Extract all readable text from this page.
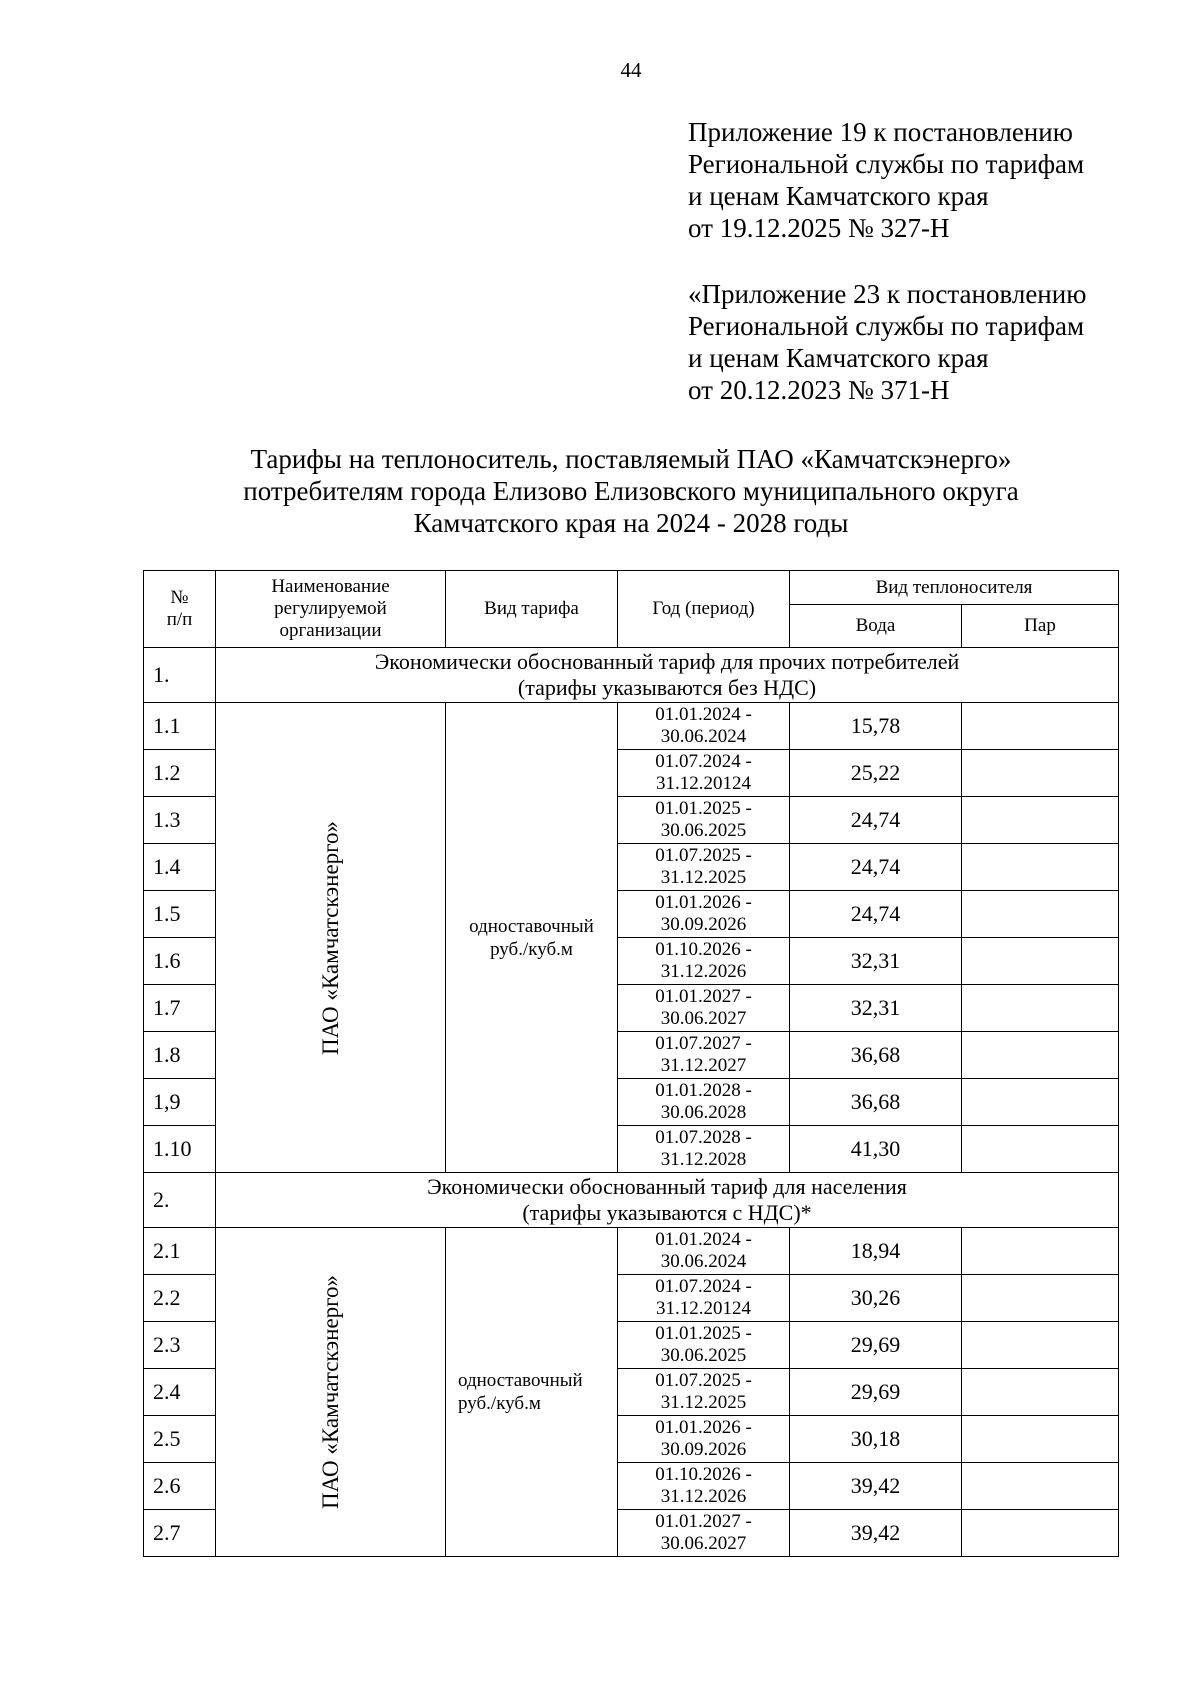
44
Приложение 19 к постановлению
Региональной службы по тарифам
и ценам Камчатского края
от 19.12.2025 № 327-Н
«Приложение 23 к постановлению
Региональной службы по тарифам
и ценам Камчатского края
от 20.12.2023 № 371-Н
Тарифы на теплоноситель, поставляемый ПАО «Камчатскэнерго»
потребителям города Елизово Елизовского муниципального округа
Камчатского края на 2024 - 2028 годы
№
п/п	Наименование
регулируемой
организации	Вид тарифа	Год (период)	Вид теплоносителя	
				Вода	Пар
1.	Экономически обоснованный тариф для прочих потребителей
(тарифы указываются без НДС)				

1.1	ПАО «Камчатскэнерго»	одноставочный
руб./куб.м	01.01.2024 -
30.06.2024	15,78	
1.2			01.07.2024 -
31.12.20124	25,22	
1.3			01.01.2025 -
30.06.2025	24,74	
1.4			01.07.2025 -
31.12.2025	24,74	
1.5			01.01.2026 -
30.09.2026	24,74	
1.6			01.10.2026 -
31.12.2026	32,31	
1.7			01.01.2027 -
30.06.2027	32,31	
1.8			01.07.2027 -
31.12.2027	36,68	
1,9			01.01.2028 -
30.06.2028	36,68	
1.10			01.07.2028 -
31.12.2028	41,30	
2.	Экономически обоснованный тариф для населения
(тарифы указываются с НДС)*				

2.1	ПАО «Камчатскэнерго»	одноставочный
руб./куб.м	01.01.2024 -
30.06.2024	18,94	
2.2			01.07.2024 -
31.12.20124	30,26	
2.3			01.01.2025 -
30.06.2025	29,69	
2.4			01.07.2025 -
31.12.2025	29,69	
2.5			01.01.2026 -
30.09.2026	30,18	
2.6			01.10.2026 -
31.12.2026	39,42	
2.7			01.01.2027 -
30.06.2027	39,42	
